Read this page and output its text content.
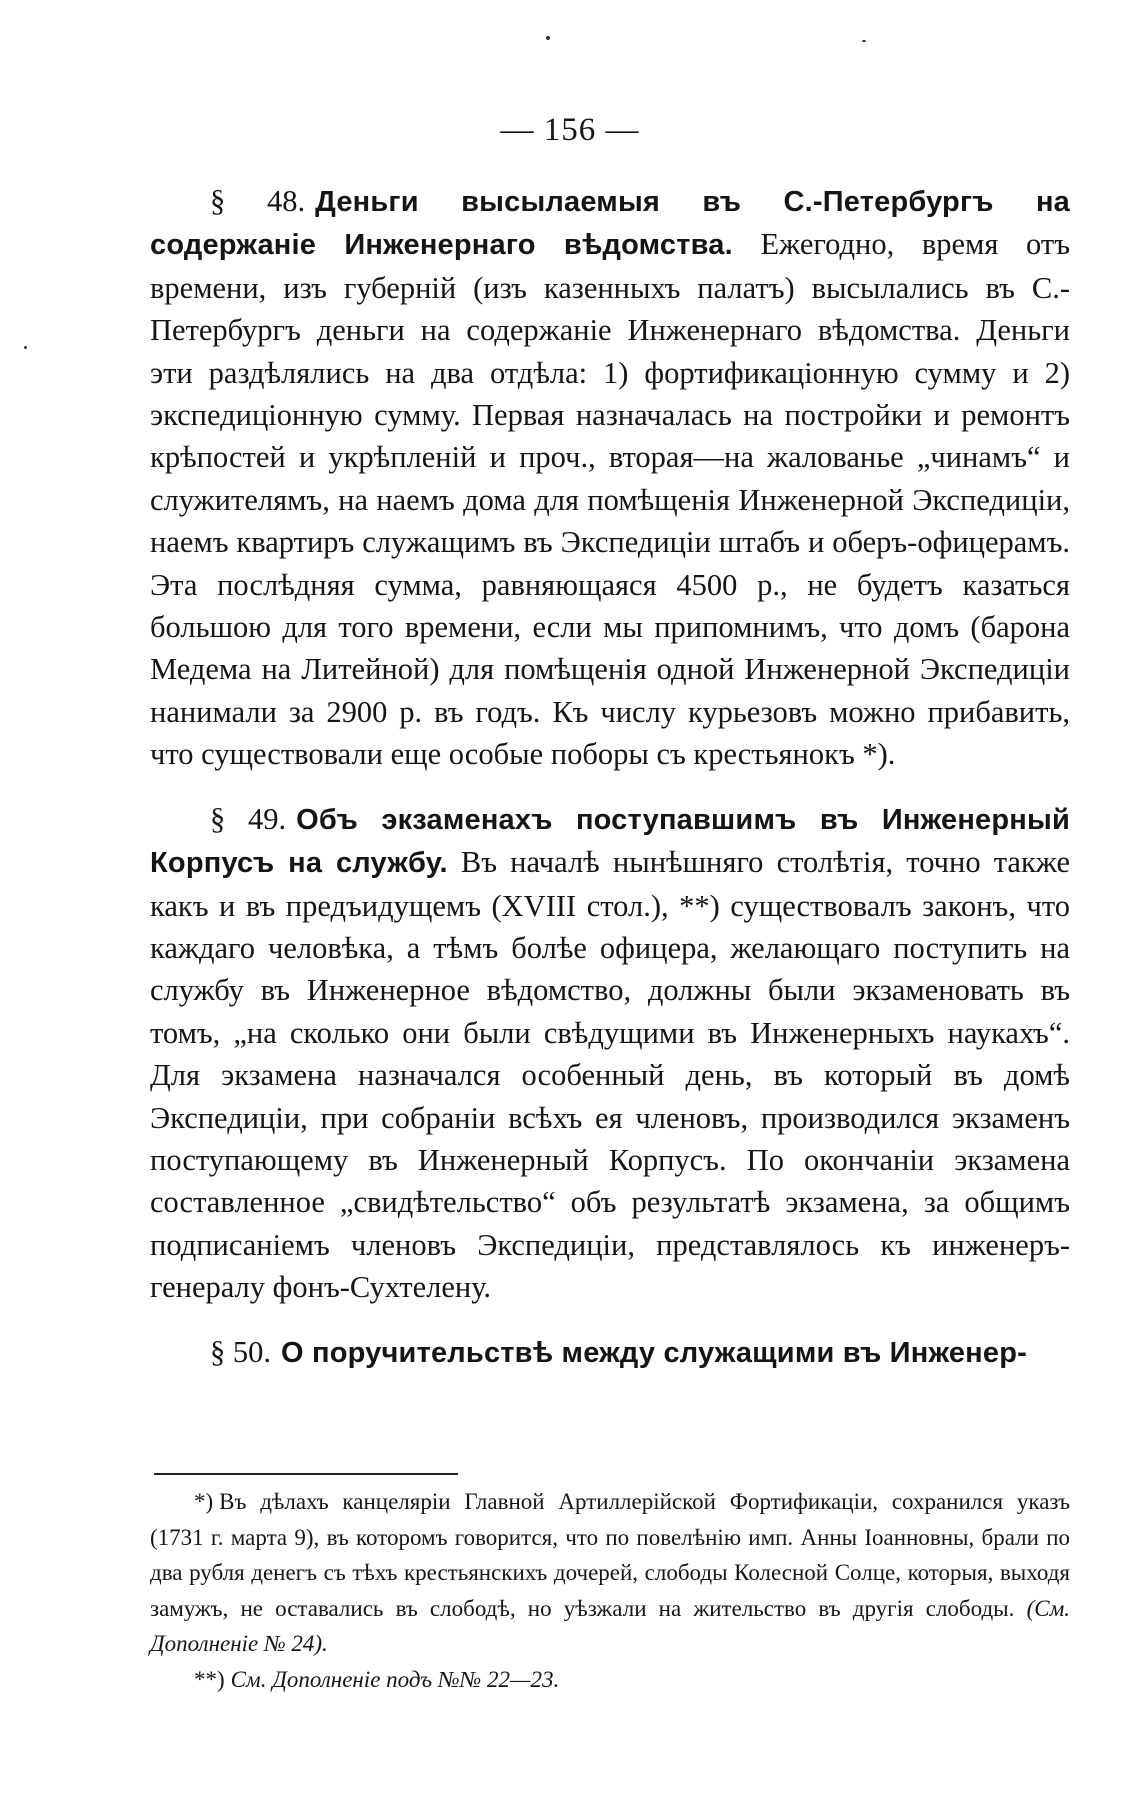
— 156 —

§ 48. Деньги высылаемыя въ С.-Петербургъ на содержаніе Инженернаго вѣдомства. Ежегодно, время отъ времени, изъ губерній (изъ казенныхъ палатъ) высылались въ С.-Петербургъ деньги на содержаніе Инженернаго вѣдомства. Деньги эти раздѣлялись на два отдѣла: 1) фортификаціонную сумму и 2) экспедиціонную сумму. Первая назначалась на постройки и ремонтъ крѣпостей и укрѣпленій и проч., вторая—на жалованье „чинамъ“ и служителямъ, на наемъ дома для помѣщенія Инженерной Экспедиціи, наемъ квартиръ служащимъ въ Экспедиціи штабъ и оберъ-офицерамъ. Эта послѣдняя сумма, равняющаяся 4500 р., не будетъ казаться большою для того времени, если мы припомнимъ, что домъ (барона Медема на Литейной) для помѣщенія одной Инженерной Экспедиціи нанимали за 2900 р. въ годъ. Къ числу курьезовъ можно прибавить, что существовали еще особые поборы съ крестьянокъ *).

§ 49. Объ экзаменахъ поступавшимъ въ Инженерный Корпусъ на службу. Въ началѣ нынѣшняго столѣтія, точно также какъ и въ предъидущемъ (XVIII стол.), **) существовалъ законъ, что каждаго человѣка, а тѣмъ болѣе офицера, желающаго поступить на службу въ Инженерное вѣдомство, должны были экзаменовать въ томъ, „на сколько они были свѣдущими въ Инженерныхъ наукахъ“. Для экзамена назначался особенный день, въ который въ домѣ Экспедиціи, при собраніи всѣхъ ея членовъ, производился экзаменъ поступающему въ Инженерный Корпусъ. По окончаніи экзамена составленное „свидѣтельство“ объ результатѣ экзамена, за общимъ подписаніемъ членовъ Экспедиціи, представлялось къ инженеръ-генералу фонъ-Сухтелену.

§ 50. О поручительствѣ между служащими въ Инженер-

*) Въ дѣлахъ канцеляріи Главной Артиллерійской Фортификаціи, сохранился указъ (1731 г. марта 9), въ которомъ говорится, что по повелѣнію имп. Анны Іоанновны, брали по два рубля денегъ съ тѣхъ крестьянскихъ дочерей, слободы Колесной Солце, которыя, выходя замужъ, не оставались въ слободѣ, но уѣзжали на жительство въ другія слободы. (См. Дополненіе № 24).

**) См. Дополненіе подъ №№ 22—23.
